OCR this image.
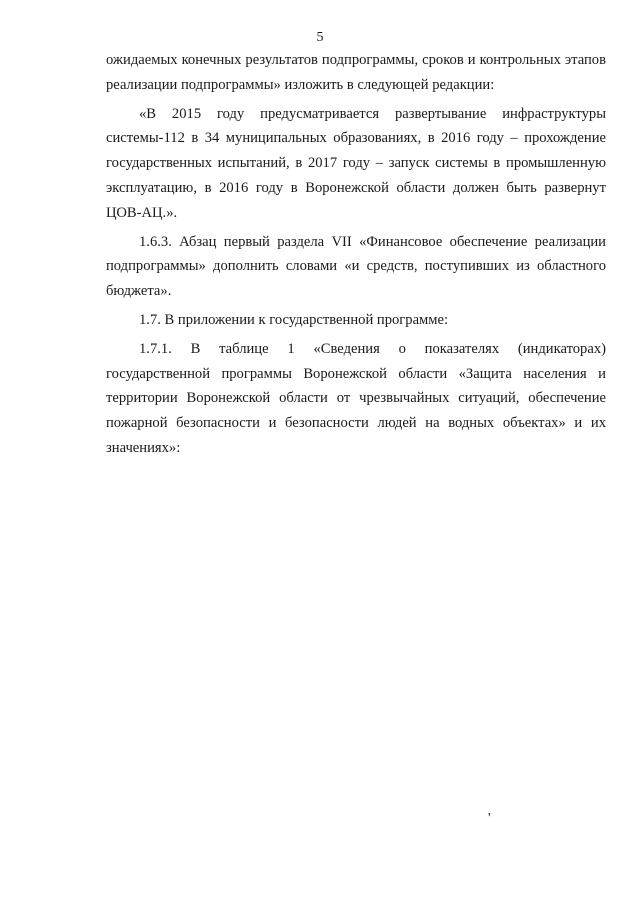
5

ожидаемых конечных результатов подпрограммы, сроков и контрольных этапов реализации подпрограммы» изложить в следующей редакции:

«В 2015 году предусматривается развертывание инфраструктуры системы-112 в 34 муниципальных образованиях, в 2016 году – прохождение государственных испытаний, в 2017 году – запуск системы в промышленную эксплуатацию, в 2016 году в Воронежской области должен быть развернут ЦОВ-АЦ.».

1.6.3. Абзац первый раздела VII «Финансовое обеспечение реализации подпрограммы» дополнить словами «и средств, поступивших из областного бюджета».

1.7. В приложении к государственной программе:

1.7.1. В таблице 1 «Сведения о показателях (индикаторах) государственной программы Воронежской области «Защита населения и территории Воронежской области от чрезвычайных ситуаций, обеспечение пожарной безопасности и безопасности людей на водных объектах» и их значениях»:

'
